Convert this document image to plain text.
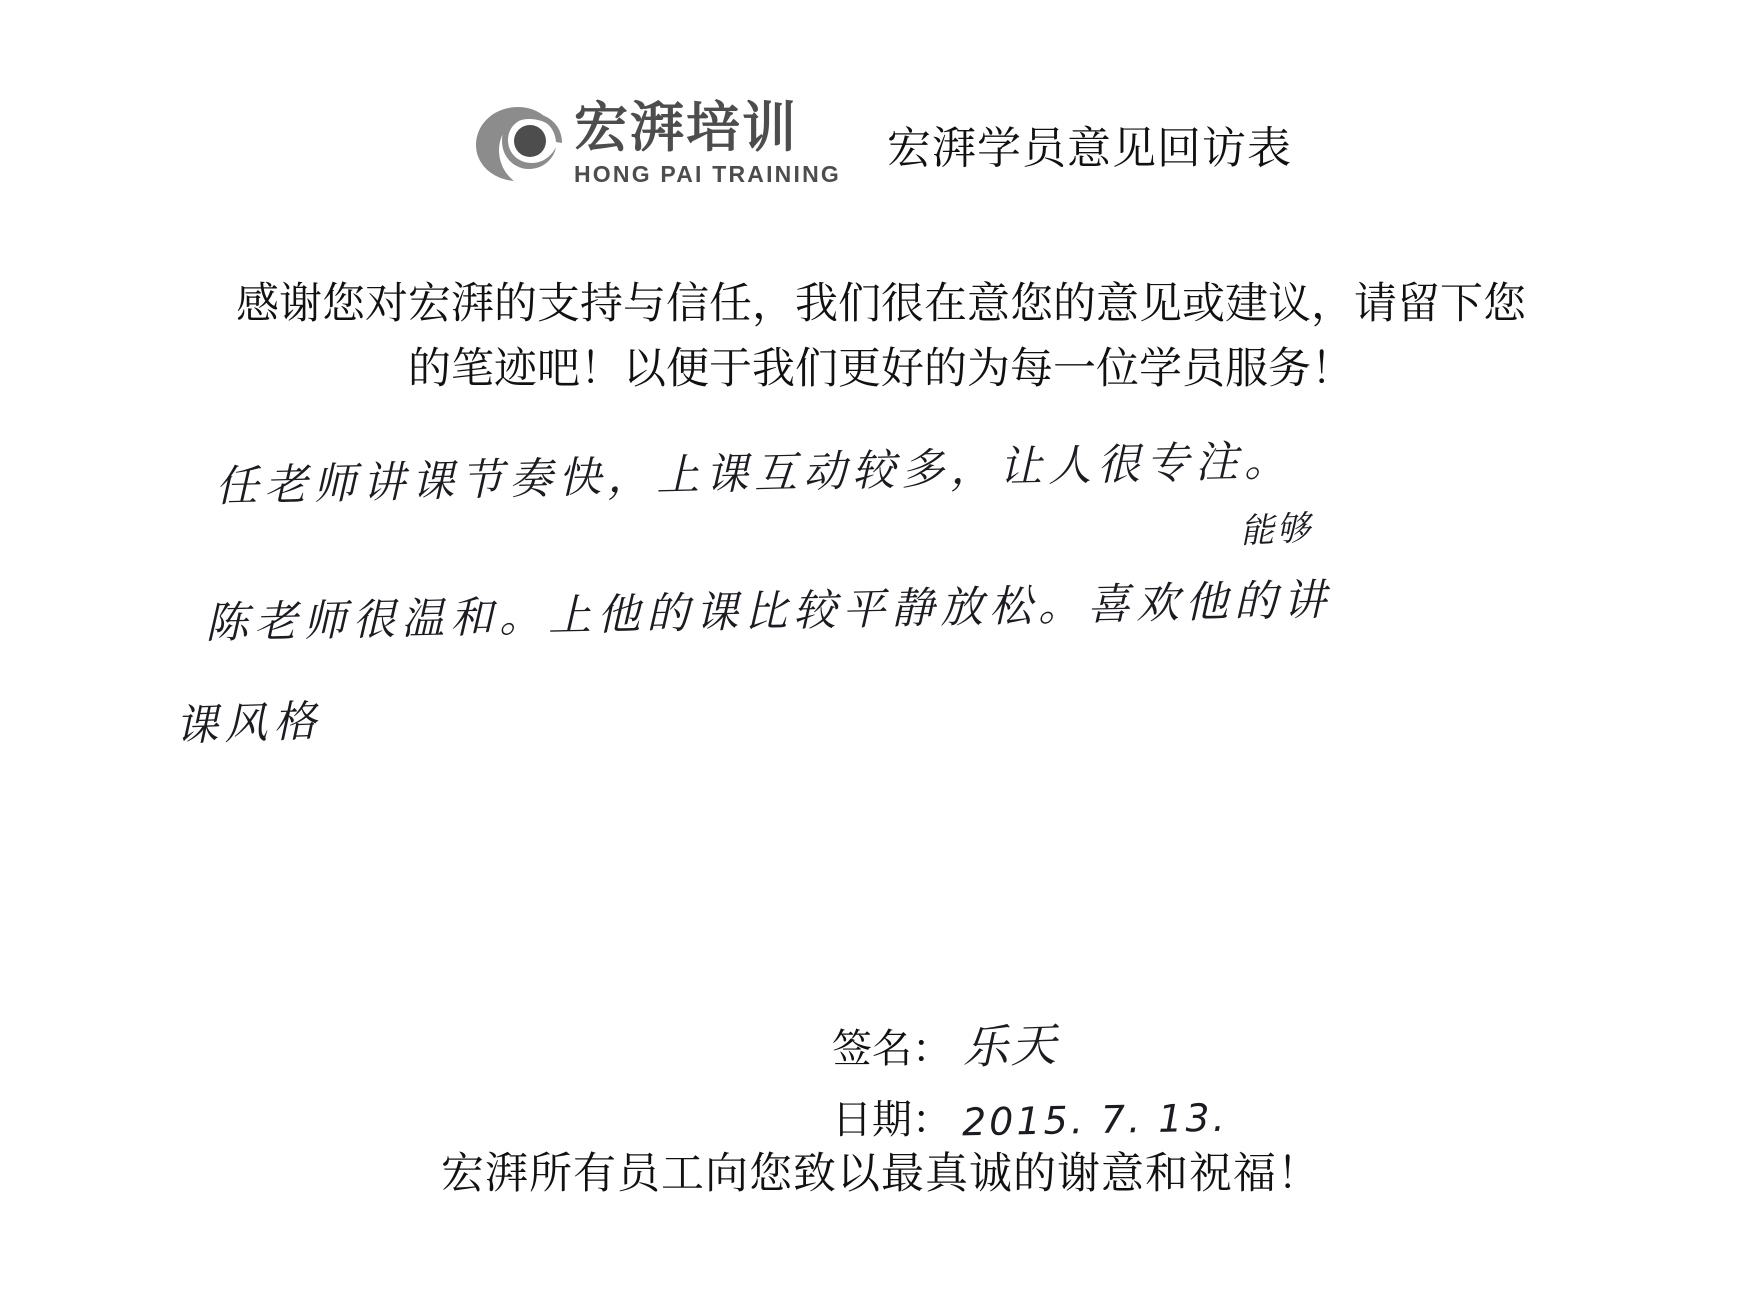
宏湃培训
HONG PAI TRAINING 宏湃学员意见回访表
感谢您对宏湃的支持与信任，我们很在意您的意见或建议，请留下您
的笔迹吧！以便于我们更好的为每一位学员服务！
任老师讲课节奏快，上课互动较多，让人很专注。
能够
陈老师很温和。上他的课比较平静放松。喜欢他的讲
课风格
签名： 乐天
日期： 2015. 7. 13.
宏湃所有员工向您致以最真诚的谢意和祝福！
